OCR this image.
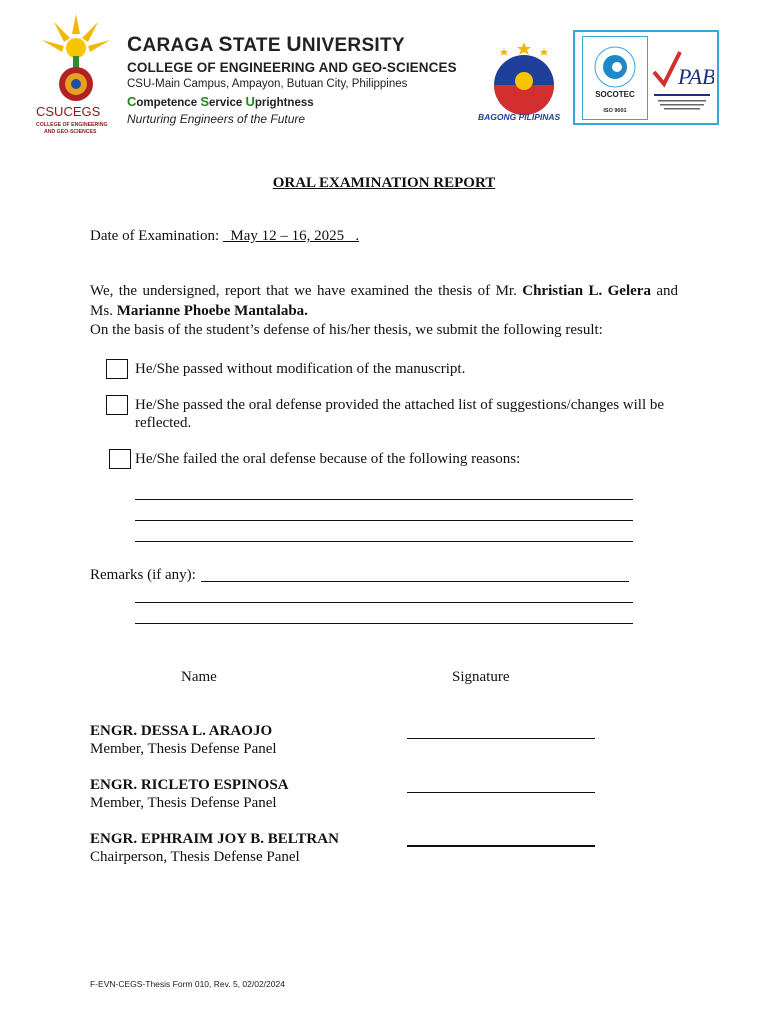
CSUCEGS
COLLEGE OF ENGINEERING
AND GEO-SCIENCES
CARAGA STATE UNIVERSITY
COLLEGE OF ENGINEERING AND GEO-SCIENCES
CSU-Main Campus, Ampayon, Butuan City, Philippines
Competence Service Uprightness
Nurturing Engineers of the Future	BAGONG PILIPINAS
SOCOTEC
ISO 9001
PAB
ORAL EXAMINATION REPORT
Date of Examination:   May 12 – 16, 2025   .
We, the undersigned, report that we have examined the thesis of Mr. Christian L. Gelera and Ms. Marianne Phoebe Mantalaba.
On the basis of the student’s defense of his/her thesis, we submit the following result:
He/She passed without modification of the manuscript.
He/She passed the oral defense provided the attached list of suggestions/changes will be reflected.
He/She failed the oral defense because of the following reasons:
Remarks (if any):
Name	Signature
ENGR. DESSA L. ARAOJO
Member, Thesis Defense Panel
ENGR. RICLETO ESPINOSA
Member, Thesis Defense Panel
ENGR. EPHRAIM JOY B. BELTRAN
Chairperson, Thesis Defense Panel
F-EVN-CEGS-Thesis Form 010, Rev. 5, 02/02/2024
